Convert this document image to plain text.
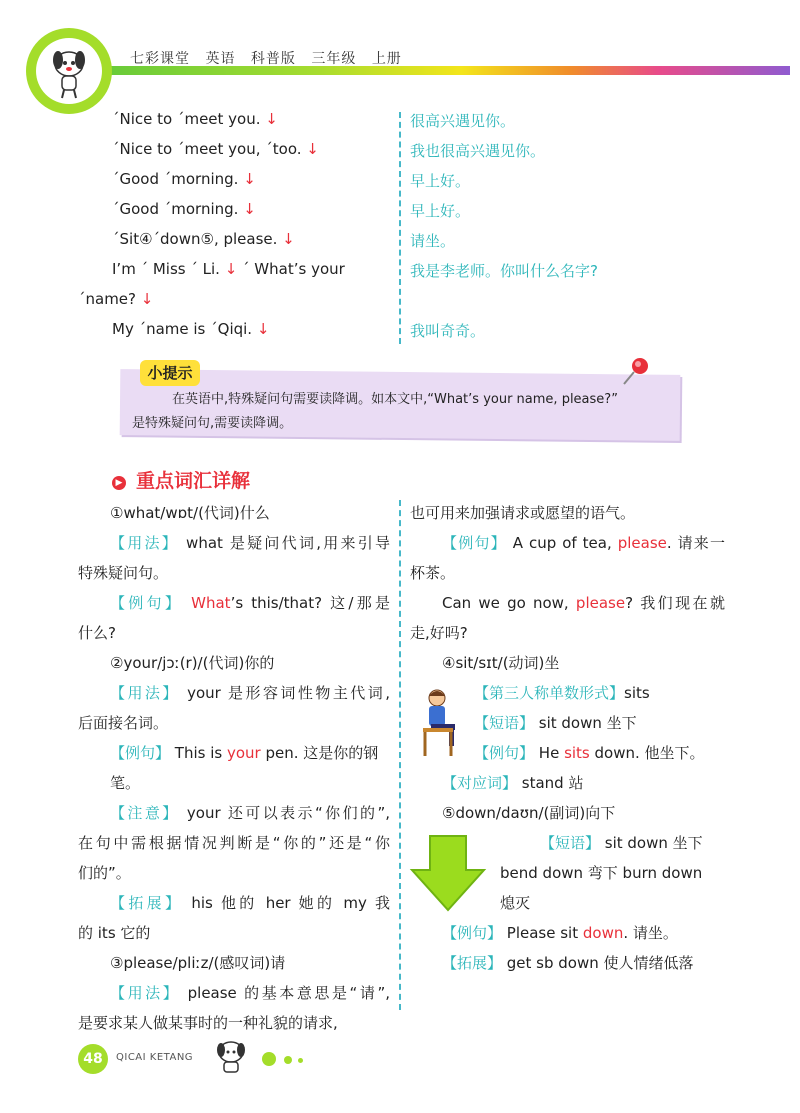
七彩课堂 英语 科普版 三年级 上册
ˊNice to ˊmeet you. ↓	很高兴遇见你。
ˊNice to ˊmeet you, ˊtoo. ↓	我也很高兴遇见你。
ˊGood ˊmorning. ↓	早上好。
ˊGood ˊmorning. ↓	早上好。
ˊSit④ˊdown⑤, please. ↓	请坐。
I’m ˊ Miss ˊ Li. ↓ ˊ What’s your	我是李老师。你叫什么名字?
ˊname? ↓
My ˊname is ˊQiqi. ↓	我叫奇奇。
小提示
在英语中,特殊疑问句需要读降调。如本文中,“What’s your name, please?”
是特殊疑问句,需要读降调。
▶ 重点词汇详解

①what/wɒt/(代词)什么

【用法】 what 是疑问代词,用来引导

特殊疑问句。

【例句】 What’s this/that? 这/那是

什么?

②your/jɔː(r)/(代词)你的

【用法】 your 是形容词性物主代词,

后面接名词。

【例句】 This is your pen. 这是你的钢笔。

【注意】 your 还可以表示“你们的”,

在句中需根据情况判断是“你的”还是“你

们的”。

【拓展】 his 他的 her 她的 my 我

的 its 它的

③please/pliːz/(感叹词)请

【用法】 please 的基本意思是“请”,

是要求某人做某事时的一种礼貌的请求,

也可用来加强请求或愿望的语气。

【例句】 A cup of tea, please. 请来一

杯茶。

Can we go now, please? 我们现在就

走,好吗?

④sit/sɪt/(动词)坐

【第三人称单数形式】sits

【短语】 sit down 坐下

【例句】 He sits down. 他坐下。

【对应词】 stand 站

⑤down/daʊn/(副词)向下

【短语】 sit down 坐下

bend down 弯下 burn down

熄灭

【例句】 Please sit down. 请坐。

【拓展】 get sb down 使人情绪低落

48	QICAI KETANG
